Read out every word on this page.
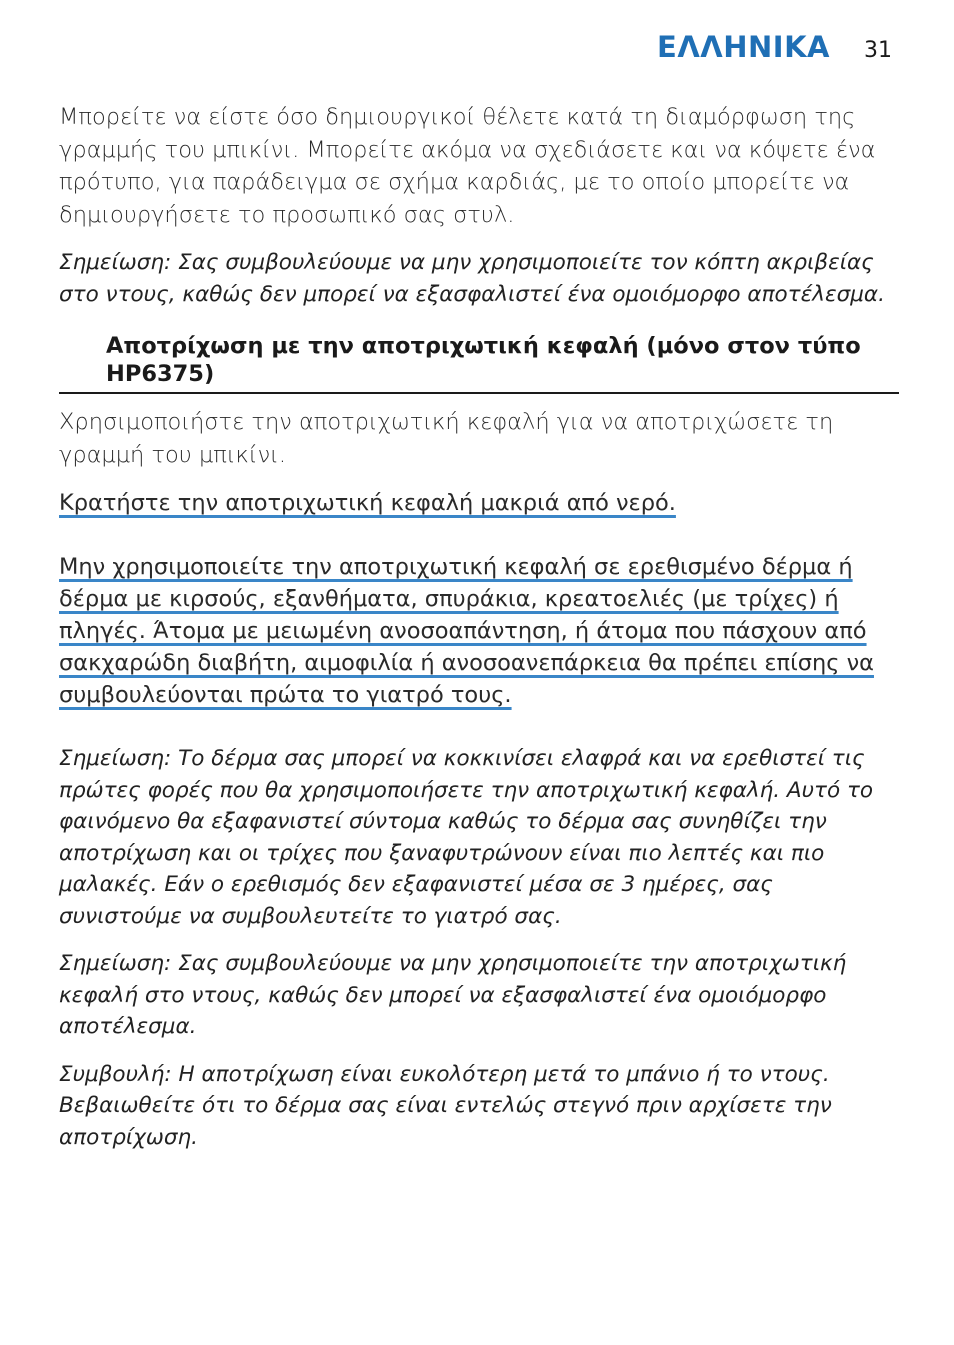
ΕΛΛΗΝΙΚΑ 31

Μπορείτε να είστε όσο δημιουργικοί θέλετε κατά τη διαμόρφωση της γραμμής του μπικίνι. Μπορείτε ακόμα να σχεδιάσετε και να κόψετε ένα πρότυπο, για παράδειγμα σε σχήμα καρδιάς, με το οποίο μπορείτε να δημιουργήσετε το προσωπικό σας στυλ.

Σημείωση: Σας συμβουλεύουμε να μην χρησιμοποιείτε τον κόπτη ακριβείας στο ντους, καθώς δεν μπορεί να εξασφαλιστεί ένα ομοιόμορφο αποτέλεσμα.

Αποτρίχωση με την αποτριχωτική κεφαλή (μόνο στον τύπο HP6375)

Χρησιμοποιήστε την αποτριχωτική κεφαλή για να αποτριχώσετε τη γραμμή του μπικίνι.

Κρατήστε την αποτριχωτική κεφαλή μακριά από νερό.

Μην χρησιμοποιείτε την αποτριχωτική κεφαλή σε ερεθισμένο δέρμα ή δέρμα με κιρσούς, εξανθήματα, σπυράκια, κρεατοελιές (με τρίχες) ή πληγές. Άτομα με μειωμένη ανοσοαπάντηση, ή άτομα που πάσχουν από σακχαρώδη διαβήτη, αιμοφιλία ή ανοσοανεπάρκεια θα πρέπει επίσης να συμβουλεύονται πρώτα το γιατρό τους.

Σημείωση: Το δέρμα σας μπορεί να κοκκινίσει ελαφρά και να ερεθιστεί τις πρώτες φορές που θα χρησιμοποιήσετε την αποτριχωτική κεφαλή. Αυτό το φαινόμενο θα εξαφανιστεί σύντομα καθώς το δέρμα σας συνηθίζει την αποτρίχωση και οι τρίχες που ξαναφυτρώνουν είναι πιο λεπτές και πιο μαλακές. Εάν ο ερεθισμός δεν εξαφανιστεί μέσα σε 3 ημέρες, σας συνιστούμε να συμβουλευτείτε το γιατρό σας.

Σημείωση: Σας συμβουλεύουμε να μην χρησιμοποιείτε την αποτριχωτική κεφαλή στο ντους, καθώς δεν μπορεί να εξασφαλιστεί ένα ομοιόμορφο αποτέλεσμα.

Συμβουλή: Η αποτρίχωση είναι ευκολότερη μετά το μπάνιο ή το ντους. Βεβαιωθείτε ότι το δέρμα σας είναι εντελώς στεγνό πριν αρχίσετε την αποτρίχωση.
